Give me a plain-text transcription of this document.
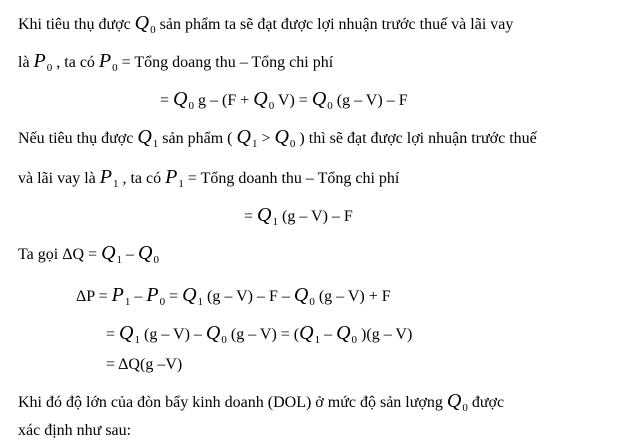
Khi tiêu thụ được $Q_0$ sản phẩm ta sẽ đạt được lợi nhuận trước thuế và lãi vay
là $P_0$ , ta có $P_0$ = Tổng doang thu – Tổng chi phí
= $Q_0$ $g - (F + Q_0$ $V) = Q_0$ (g – V) – F
Nếu tiêu thụ được $Q_1$ sản phẩm ( $Q_1 > Q_0$ ) thì sẽ đạt được lợi nhuận trước thuế
và lãi vay là $P_1$ , ta có $P_1$ = Tổng doanh thu – Tổng chi phí
= $Q_1$ (g – V) – F
Ta gọi $\Delta Q = Q_1 - Q_0$
$\Delta P = P_1 - P_0 = Q_1$ (g – V) – F – $Q_0$ (g – V) + F
= $Q_1$ $(g - V) - Q_0$ $(g - V) = (Q_1 - Q_0$ )(g – V)
= ΔQ(g –V)
Khi đó độ lớn của đòn bẩy kinh doanh (DOL) ở mức độ sản lượng $Q_0$ được
xác định như sau:
